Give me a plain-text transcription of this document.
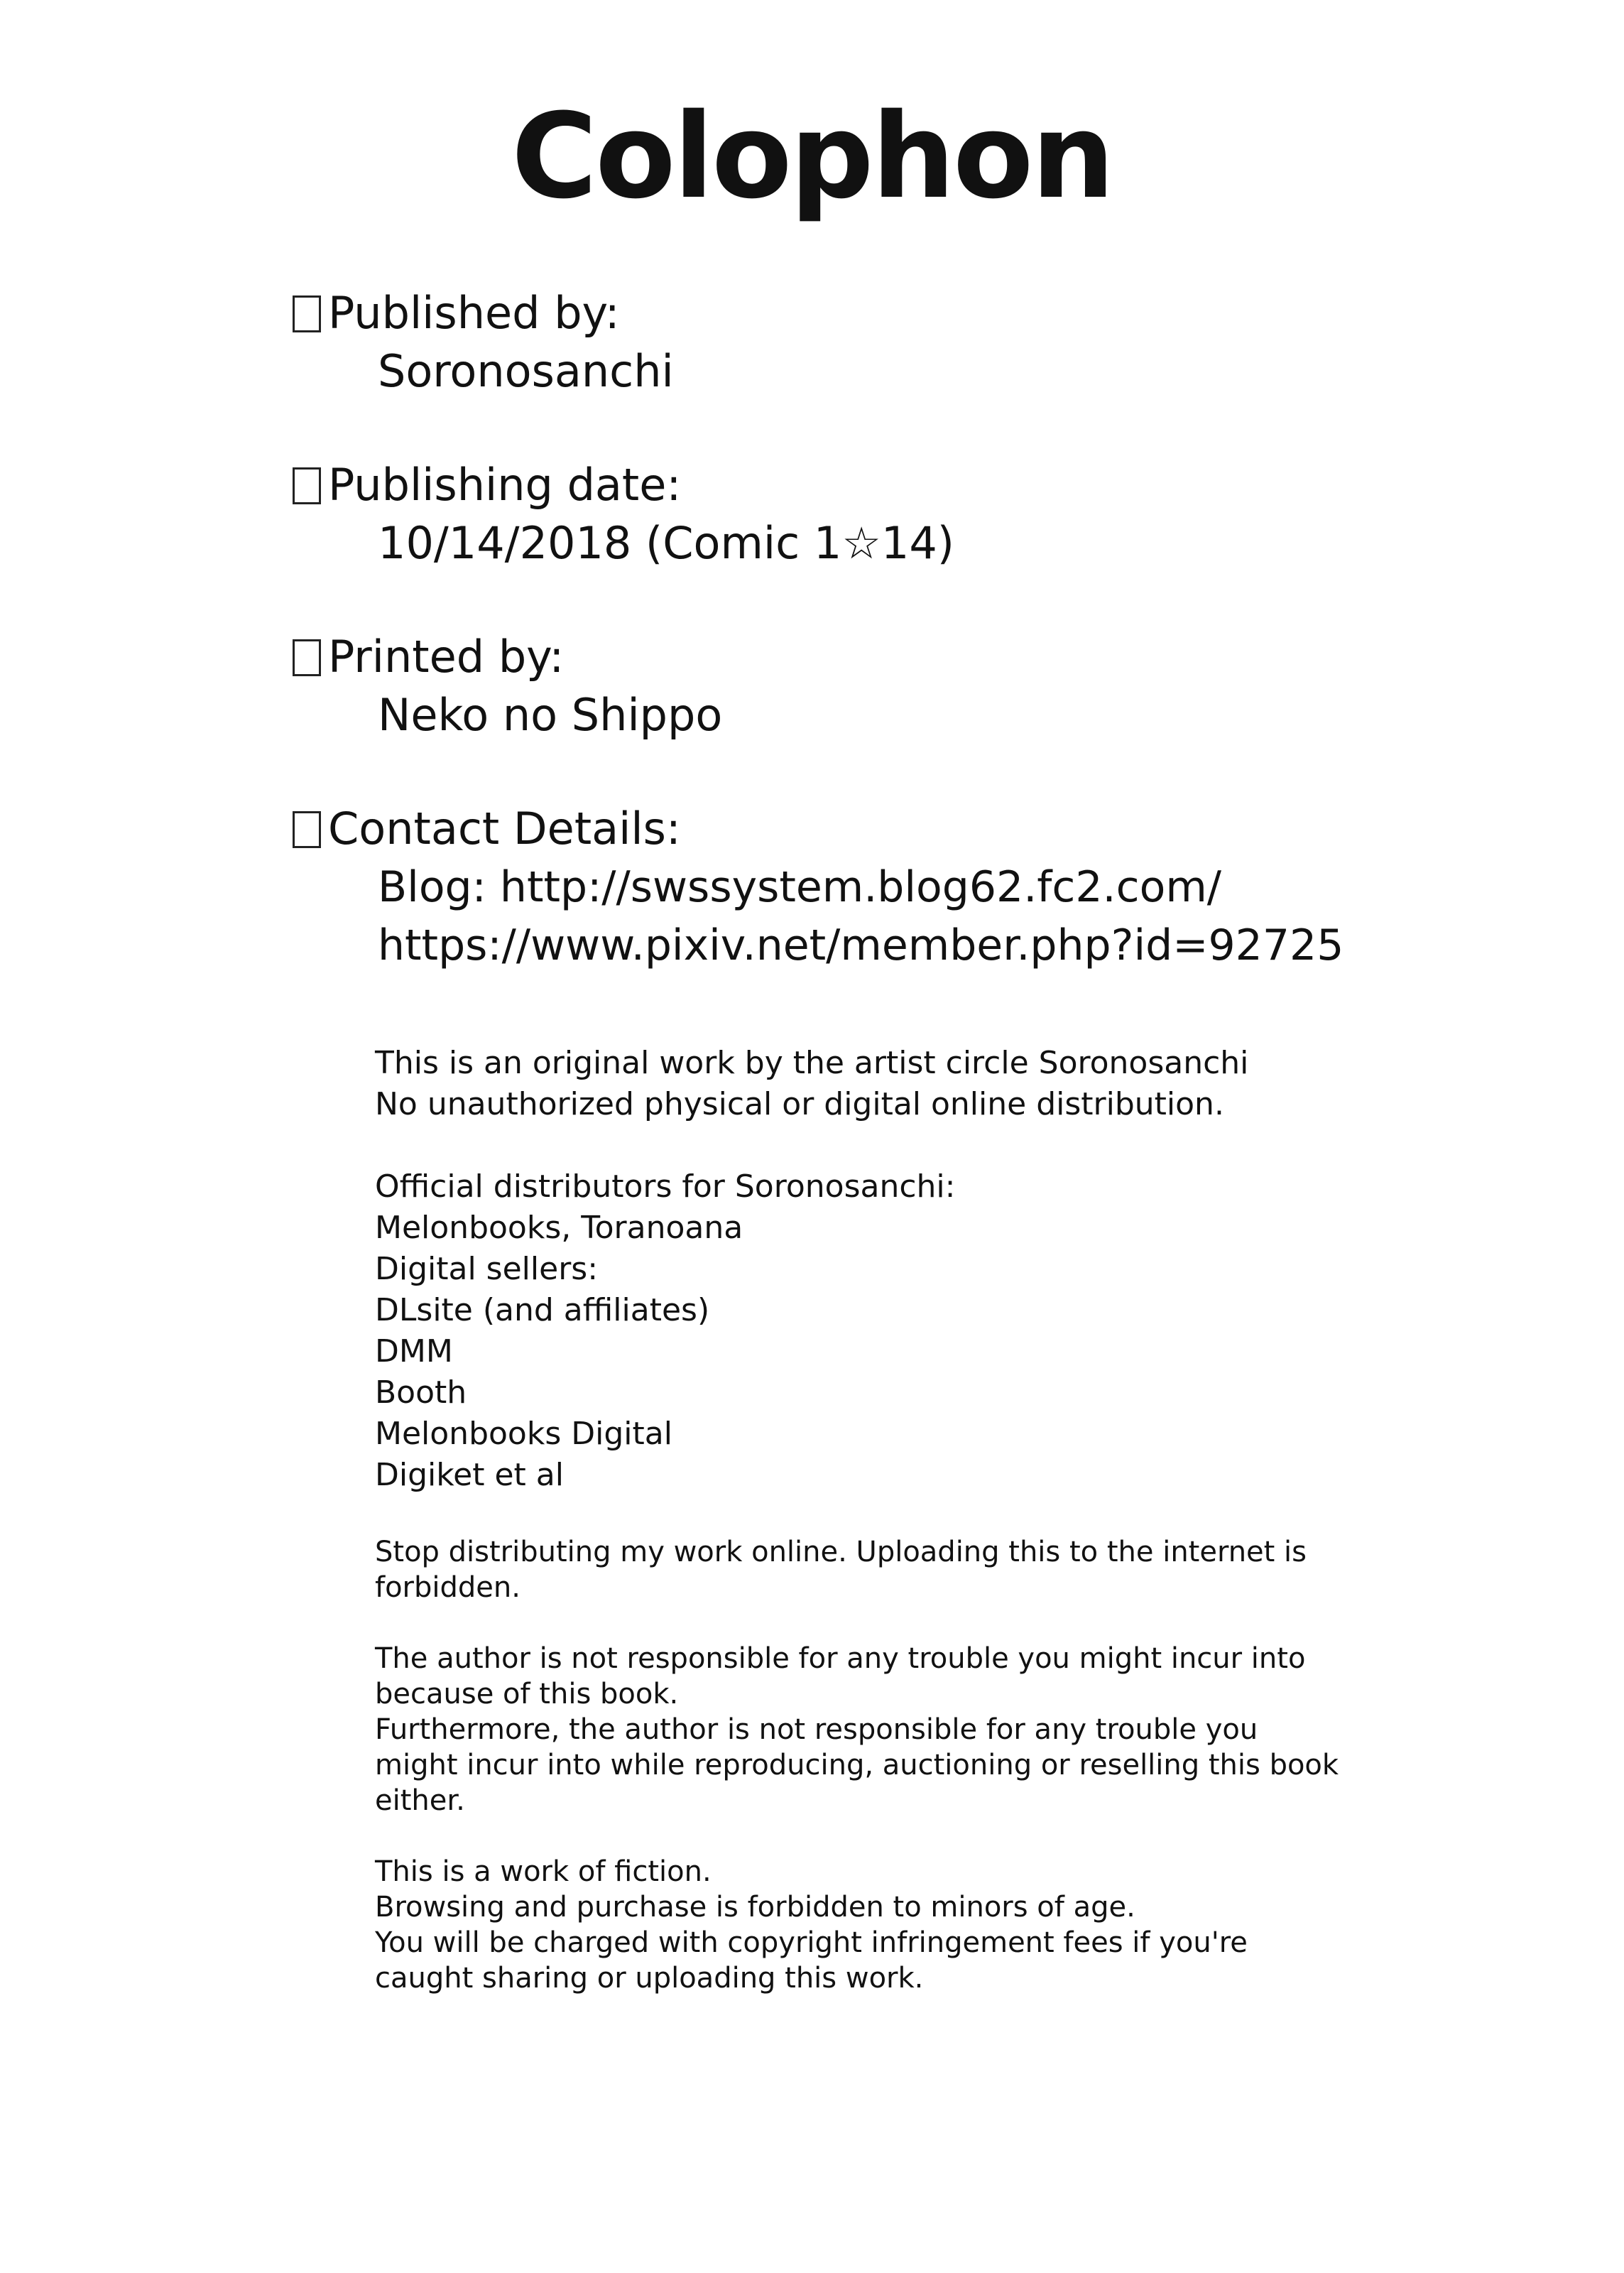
Colophon
Published by:
Soronosanchi
Publishing date:
10/14/2018 (Comic 1☆14)
Printed by:
Neko no Shippo
Contact Details:
Blog: http://swssystem.blog62.fc2.com/
https://www.pixiv.net/member.php?id=92725
This is an original work by the artist circle Soronosanchi
No unauthorized physical or digital online distribution.
Official distributors for Soronosanchi:
Melonbooks, Toranoana
Digital sellers:
DLsite (and affiliates)
DMM
Booth
Melonbooks Digital
Digiket et al
Stop distributing my work online. Uploading this to the internet is
forbidden.
The author is not responsible for any trouble you might incur into
because of this book.
Furthermore, the author is not responsible for any trouble you
might incur into while reproducing, auctioning or reselling this book
either.
This is a work of fiction.
Browsing and purchase is forbidden to minors of age.
You will be charged with copyright infringement fees if you're
caught sharing or uploading this work.
